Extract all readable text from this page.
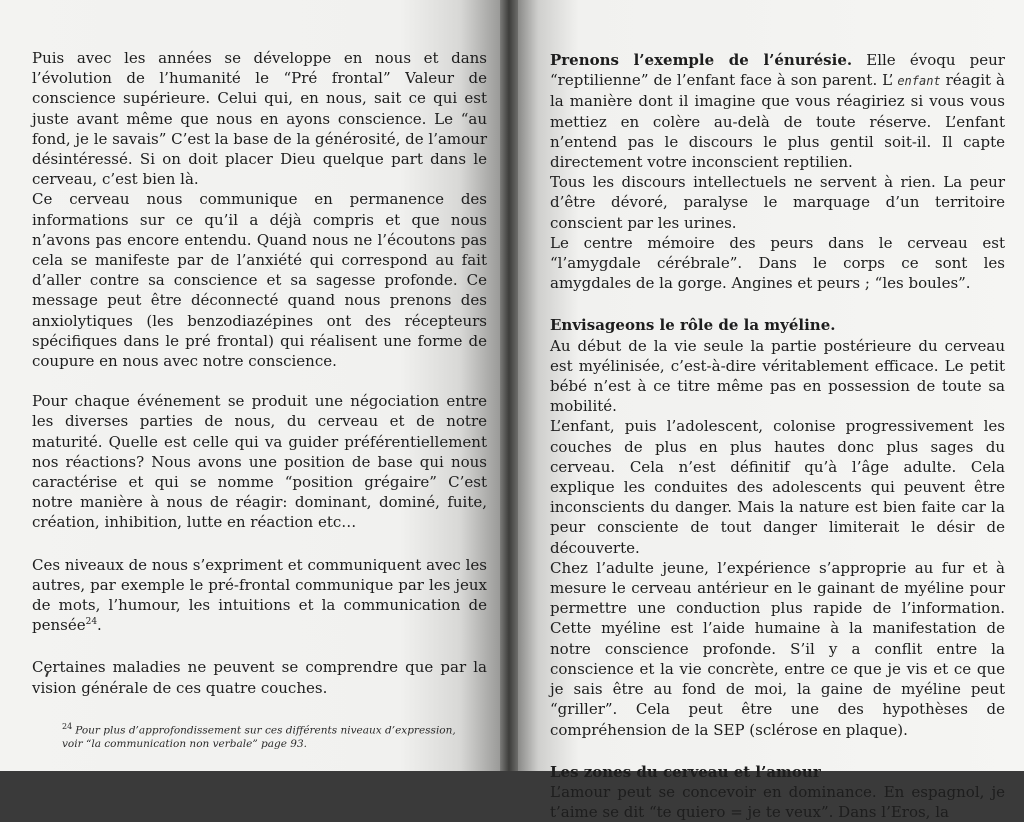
Puis avec les années se développe en nous et dans l’évolution de l’humanité le “Pré frontal” Valeur de conscience supérieure. Celui qui, en nous, sait ce qui est juste avant même que nous en ayons conscience. Le “au fond, je le savais” C’est la base de la générosité, de l’amour désintéressé. Si on doit placer Dieu quelque part dans le cerveau, c’est bien là.

Ce cerveau nous communique en permanence des informations sur ce qu’il a déjà compris et que nous n’avons pas encore entendu. Quand nous ne l’écoutons pas cela se manifeste par de l’anxiété qui correspond au fait d’aller contre sa conscience et sa sagesse profonde. Ce message peut être déconnecté quand nous prenons des anxiolytiques (les benzodiazépines ont des récepteurs spécifiques dans le pré frontal) qui réalisent une forme de coupure en nous avec notre conscience.

Pour chaque événement se produit une négociation entre les diverses parties de nous, du cerveau et de notre maturité. Quelle est celle qui va guider préférentiellement nos réactions? Nous avons une position de base qui nous caractérise et qui se nomme “position grégaire” C’est notre manière à nous de réagir: dominant, dominé, fuite, création, inhibition, lutte en réaction etc…

Ces niveaux de nous s’expriment et communiquent avec les autres, par exemple le pré-frontal communique par les jeux de mots, l’humour, les intuitions et la communication de pensée$^{24}$.

Certaines maladies ne peuvent se comprendre que par la vision générale de ces quatre couches.

$^{24}$ Pour plus d’approfondissement sur ces différents niveaux d’expression, voir “la communication non verbale” page 93.

Prenons l’exemple de l’énurésie. Elle évoqu peur “reptilienne” de l’enfant face à son parent. L’ enfant réagit à la manière dont il imagine que vous réagiriez si vous vous mettiez en colère au-delà de toute réserve. L’enfant n’entend pas le discours le plus gentil soit-il. Il capte directement votre inconscient reptilien.

Tous les discours intellectuels ne servent à rien. La peur d’être dévoré, paralyse le marquage d’un territoire conscient par les urines.

Le centre mémoire des peurs dans le cerveau est “l’amygdale cérébrale”. Dans le corps ce sont les amygdales de la gorge. Angines et peurs ; “les boules”.

Envisageons le rôle de la myéline.

Au début de la vie seule la partie postérieure du cerveau est myélinisée, c’est-à-dire véritablement efficace. Le petit bébé n’est à ce titre même pas en possession de toute sa mobilité.

L’enfant, puis l’adolescent, colonise progressivement les couches de plus en plus hautes donc plus sages du cerveau. Cela n’est définitif qu’à l’âge adulte. Cela explique les conduites des adolescents qui peuvent être inconscients du danger. Mais la nature est bien faite car la peur consciente de tout danger limiterait le désir de découverte.

Chez l’adulte jeune, l’expérience s’approprie au fur et à mesure le cerveau antérieur en le gainant de myéline pour permettre une conduction plus rapide de l’information. Cette myéline est l’aide humaine à la manifestation de notre conscience profonde. S’il y a conflit entre la conscience et la vie concrète, entre ce que je vis et ce que je sais être au fond de moi, la gaine de myéline peut “griller”. Cela peut être une des hypothèses de compréhension de la SEP (sclérose en plaque).

Les zones du cerveau et l’amour

L’amour peut se concevoir en dominance. En espagnol, je t’aime se dit “te quiero = je te veux”. Dans l’Eros, la
